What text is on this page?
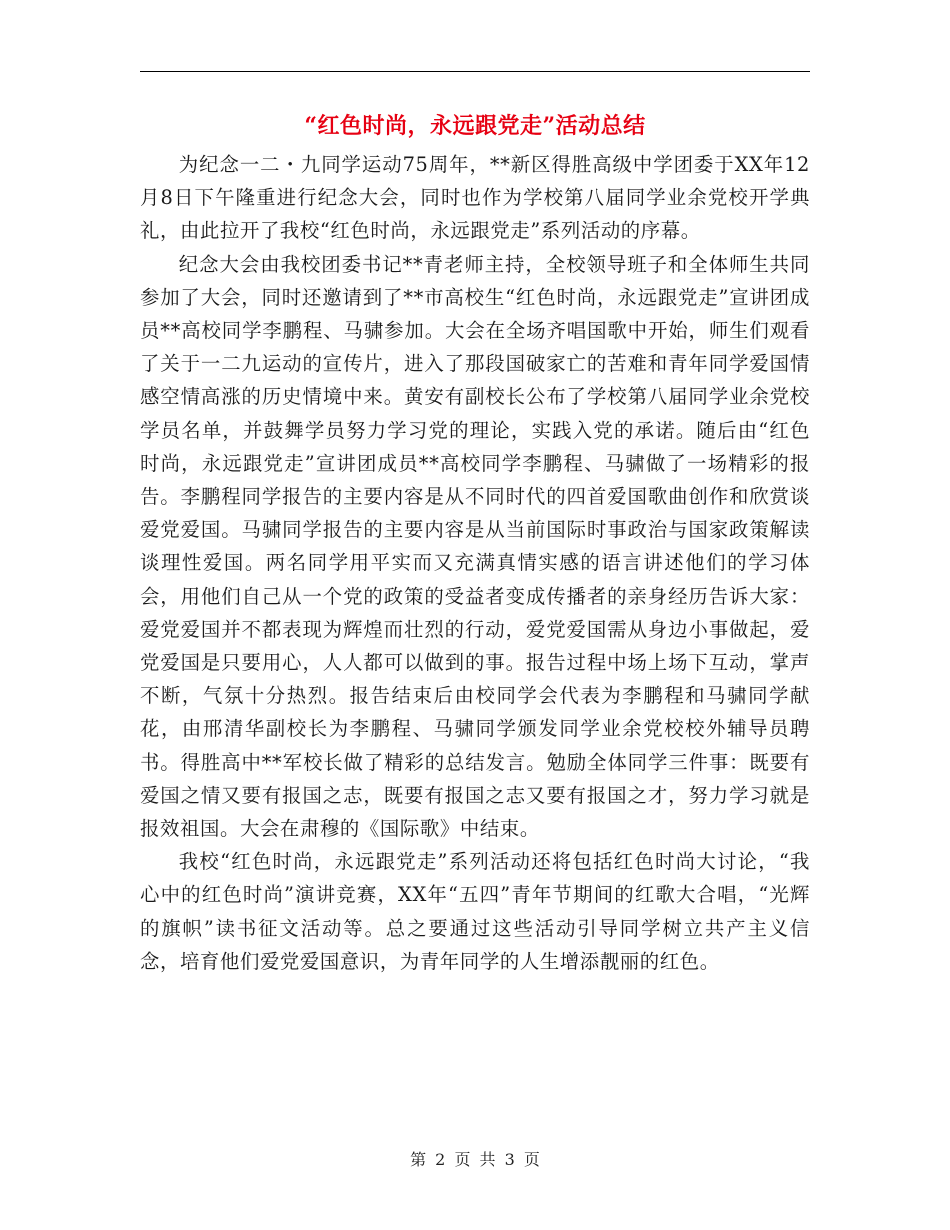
“红色时尚，永远跟党走”活动总结

为纪念一二・九同学运动75周年，**新区得胜高级中学团委于XX年12月8日下午隆重进行纪念大会，同时也作为学校第八届同学业余党校开学典礼，由此拉开了我校“红色时尚，永远跟党走”系列活动的序幕。

纪念大会由我校团委书记**青老师主持，全校领导班子和全体师生共同参加了大会，同时还邀请到了**市高校生“红色时尚，永远跟党走”宣讲团成员**高校同学李鹏程、马骕参加。大会在全场齐唱国歌中开始，师生们观看了关于一二九运动的宣传片，进入了那段国破家亡的苦难和青年同学爱国情感空情高涨的历史情境中来。黄安有副校长公布了学校第八届同学业余党校学员名单，并鼓舞学员努力学习党的理论，实践入党的承诺。随后由“红色时尚，永远跟党走”宣讲团成员**高校同学李鹏程、马骕做了一场精彩的报告。李鹏程同学报告的主要内容是从不同时代的四首爱国歌曲创作和欣赏谈爱党爱国。马骕同学报告的主要内容是从当前国际时事政治与国家政策解读谈理性爱国。两名同学用平实而又充满真情实感的语言讲述他们的学习体会，用他们自己从一个党的政策的受益者变成传播者的亲身经历告诉大家：爱党爱国并不都表现为辉煌而壮烈的行动，爱党爱国需从身边小事做起，爱党爱国是只要用心，人人都可以做到的事。报告过程中场上场下互动，掌声不断，气氛十分热烈。报告结束后由校同学会代表为李鹏程和马骕同学献花，由邢清华副校长为李鹏程、马骕同学颁发同学业余党校校外辅导员聘书。得胜高中**军校长做了精彩的总结发言。勉励全体同学三件事：既要有爱国之情又要有报国之志，既要有报国之志又要有报国之才，努力学习就是报效祖国。大会在肃穆的《国际歌》中结束。

我校“红色时尚，永远跟党走”系列活动还将包括红色时尚大讨论，“我心中的红色时尚”演讲竞赛，XX年“五四”青年节期间的红歌大合唱，“光辉的旗帜”读书征文活动等。总之要通过这些活动引导同学树立共产主义信念，培育他们爱党爱国意识，为青年同学的人生增添靓丽的红色。

第 2 页 共 3 页
